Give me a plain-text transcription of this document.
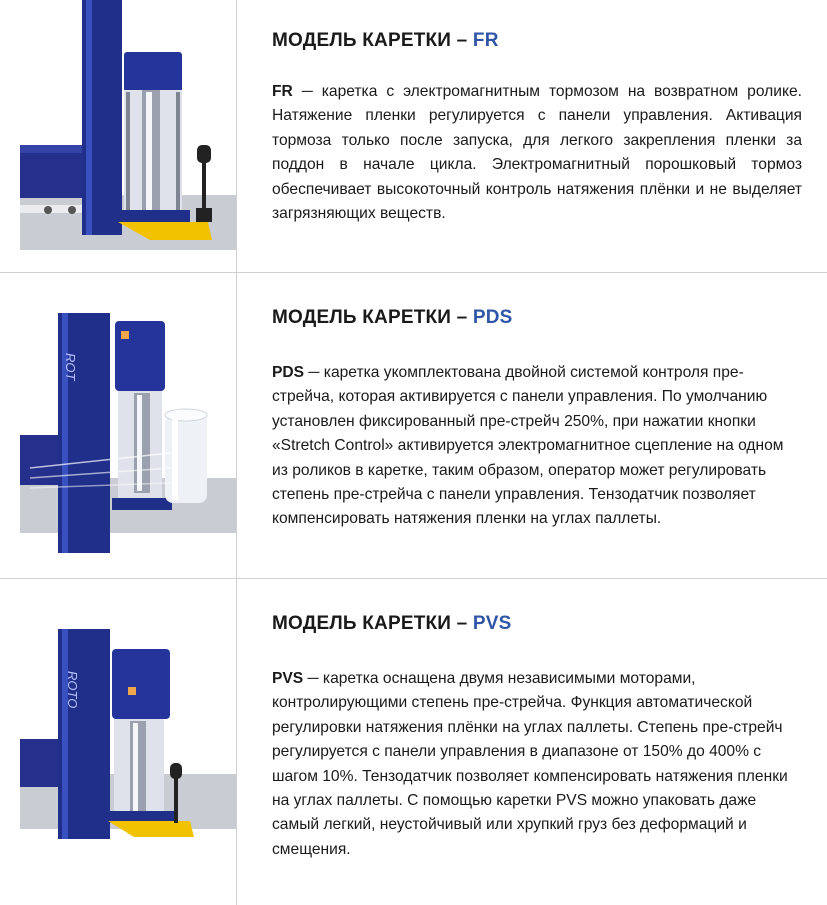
МОДЕЛЬ КАРЕТКИ – FR
FR ─ каретка с электромагнитным тормозом на возвратном ролике. Натяжение пленки регулируется с панели управления. Активация тормоза только после запуска, для легкого закрепления пленки за поддон в начале цикла. Электромагнитный порошковый тормоз обеспечивает высокоточный контроль натяжения плёнки и не выделяет загрязняющих веществ.
ROT
МОДЕЛЬ КАРЕТКИ – PDS
PDS ─ каретка укомплектована двойной системой контроля пре-стрейча, которая активируется с панели управления. По умолчанию установлен фиксированный пре-стрейч 250%, при нажатии кнопки «Stretch Control» активируется электромагнитное сцепление на одном из роликов в каретке, таким образом, оператор может регулировать степень пре-стрейча с панели управления. Тензодатчик позволяет компенсировать натяжения пленки на углах паллеты.
ROTO
МОДЕЛЬ КАРЕТКИ – PVS
PVS ─ каретка оснащена двумя независимыми моторами, контролирующими степень пре-стрейча. Функция автоматической регулировки натяжения плёнки на углах паллеты. Степень пре-стрейч регулируется с панели управления в диапазоне от 150% до 400% с шагом 10%. Тензодатчик позволяет компенсировать натяжения пленки на углах паллеты. С помощью каретки PVS можно упаковать даже самый легкий, неустойчивый или хрупкий груз без деформаций и смещения.
